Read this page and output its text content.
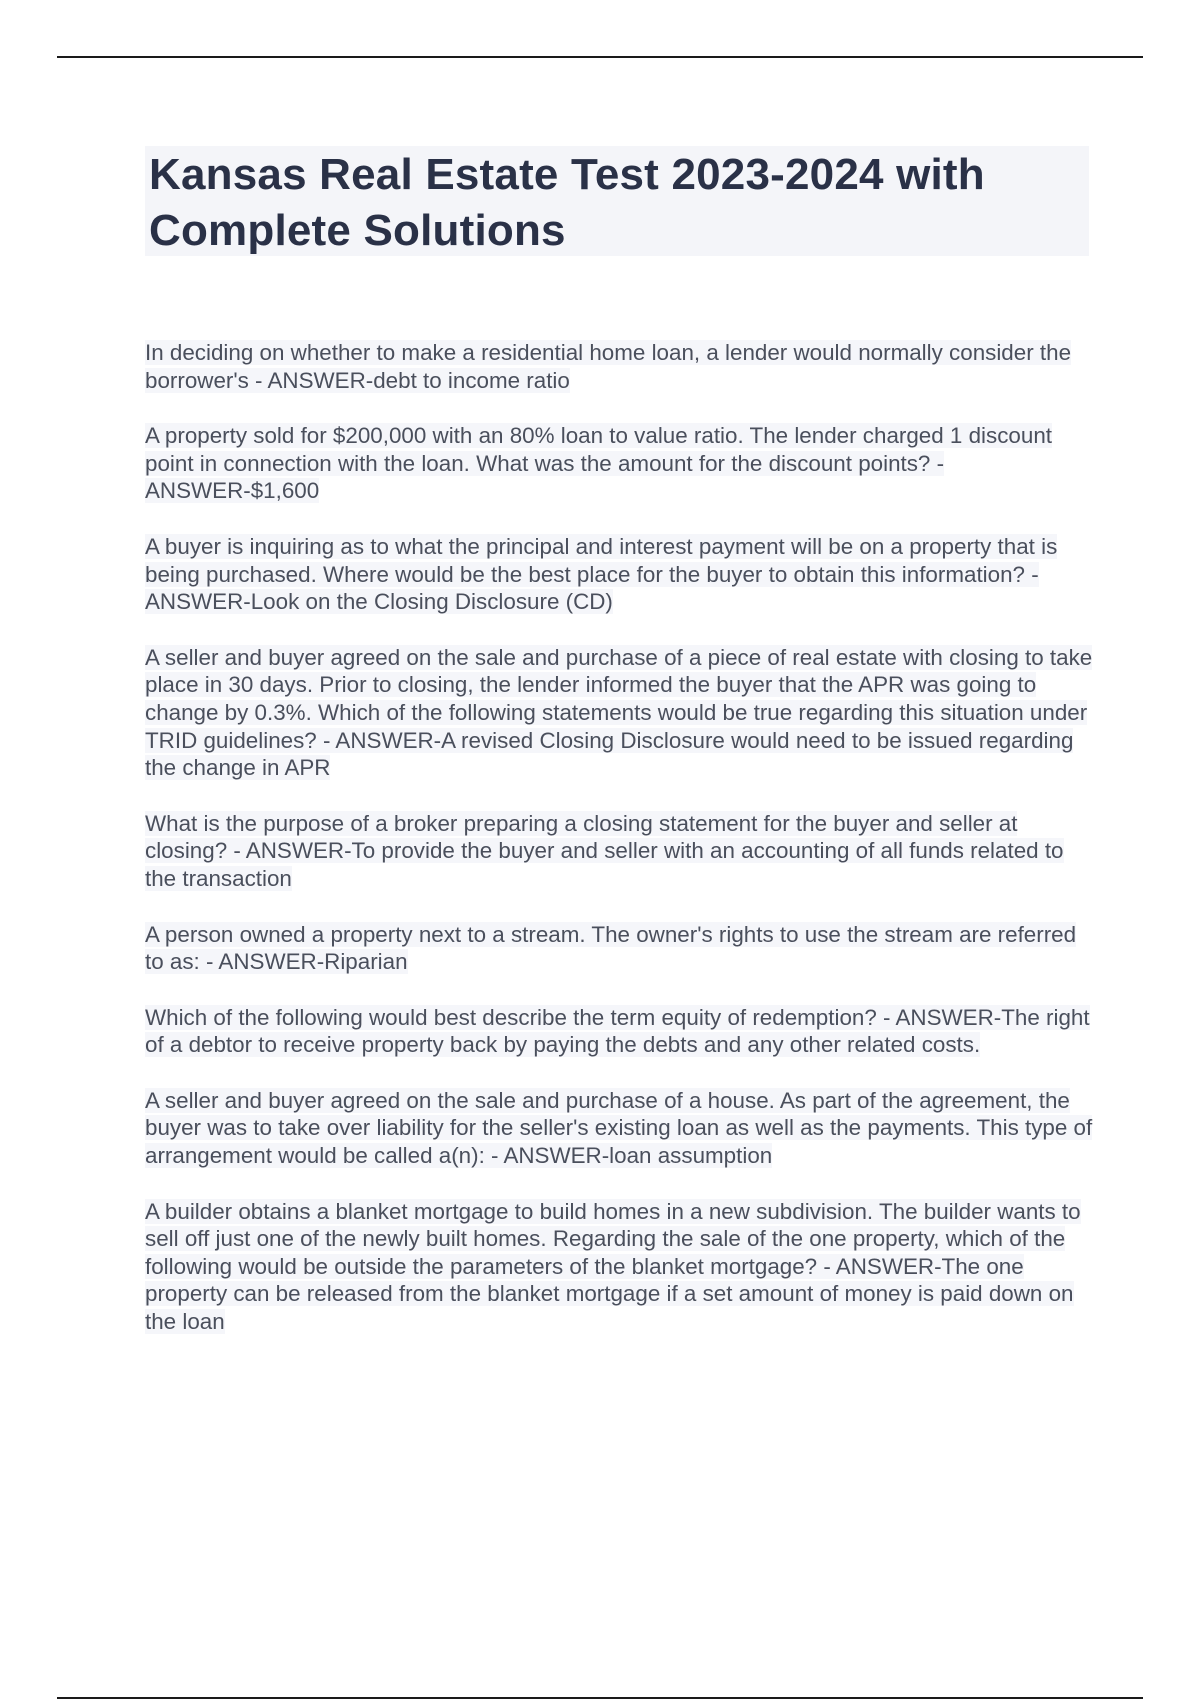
Kansas Real Estate Test 2023-2024 with Complete Solutions
In deciding on whether to make a residential home loan, a lender would normally consider the borrower's - ANSWER-debt to income ratio
A property sold for $200,000 with an 80% loan to value ratio. The lender charged 1 discount point in connection with the loan. What was the amount for the discount points? - ANSWER-$1,600
A buyer is inquiring as to what the principal and interest payment will be on a property that is being purchased. Where would be the best place for the buyer to obtain this information? - ANSWER-Look on the Closing Disclosure (CD)
A seller and buyer agreed on the sale and purchase of a piece of real estate with closing to take place in 30 days. Prior to closing, the lender informed the buyer that the APR was going to change by 0.3%. Which of the following statements would be true regarding this situation under TRID guidelines? - ANSWER-A revised Closing Disclosure would need to be issued regarding the change in APR
What is the purpose of a broker preparing a closing statement for the buyer and seller at closing? - ANSWER-To provide the buyer and seller with an accounting of all funds related to the transaction
A person owned a property next to a stream. The owner's rights to use the stream are referred to as: - ANSWER-Riparian
Which of the following would best describe the term equity of redemption? - ANSWER-The right of a debtor to receive property back by paying the debts and any other related costs.
A seller and buyer agreed on the sale and purchase of a house. As part of the agreement, the buyer was to take over liability for the seller's existing loan as well as the payments. This type of arrangement would be called a(n): - ANSWER-loan assumption
A builder obtains a blanket mortgage to build homes in a new subdivision. The builder wants to sell off just one of the newly built homes. Regarding the sale of the one property, which of the following would be outside the parameters of the blanket mortgage? - ANSWER-The one property can be released from the blanket mortgage if a set amount of money is paid down on the loan
